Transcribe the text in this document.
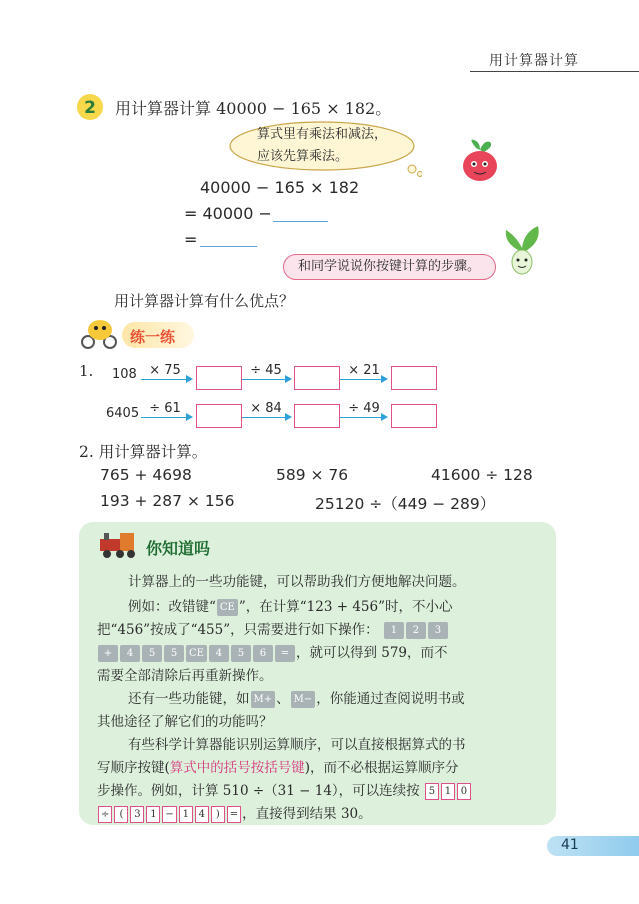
用计算器计算
2 用计算器计算 40000 − 165 × 182。
算式里有乘法和减法，
应该先算乘法。
40000 − 165 × 182
= 40000 −
=
和同学说说你按键计算的步骤。
用计算器计算有什么优点？
练一练
1. 108 × 75	÷ 45	× 21
6405 ÷ 61	× 84	÷ 49
2. 用计算器计算。
765 + 4698	589 × 76	41600 ÷ 128
193 + 287 × 156	25120 ÷（449 − 289）
你知道吗
计算器上的一些功能键，可以帮助我们方便地解决问题。
例如：改错键“ CE ”，在计算“123 + 456”时，不小心
把“456”按成了“455”，只需要进行如下操作： 1 2 3
+ 4 5 5 CE 4 5 6 = ，就可以得到 579，而不
需要全部清除后再重新操作。
还有一些功能键，如 M+ 、 M− ，你能通过查阅说明书或
其他途径了解它们的功能吗？
有些科学计算器能识别运算顺序，可以直接根据算式的书
写顺序按键(算式中的括号按括号键)，而不必根据运算顺序分
步操作。例如，计算 510 ÷（31 − 14），可以连续按 5 1 0
÷ ( 3 1 − 1 4 ) = ，直接得到结果 30。
41
